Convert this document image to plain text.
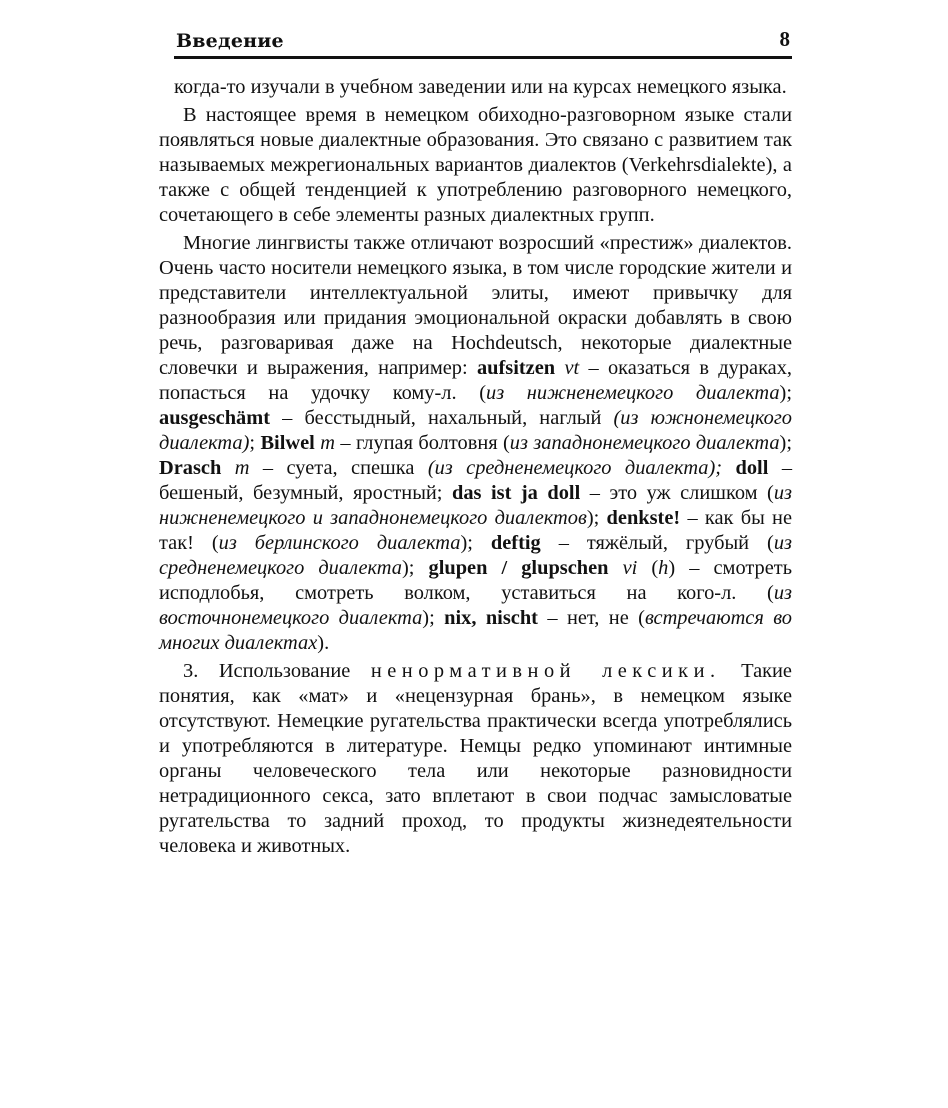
Введение	8

когда-то изучали в учебном заведении или на курсах немецкого языка.

В настоящее время в немецком обиходно-разговорном языке стали появляться новые диалектные образования. Это связано с развитием так называемых межрегиональных вариантов диалектов (Verkehrsdialekte), а также с общей тенденцией к употреблению разговорного немецкого, сочетающего в себе элементы разных диалектных групп.

Многие лингвисты также отличают возросший «престиж» диалектов. Очень часто носители немецкого языка, в том числе городские жители и представители интеллектуальной элиты, имеют привычку для разнообразия или придания эмоциональной окраски добавлять в свою речь, разговаривая даже на Hochdeutsch, некоторые диалектные словечки и выражения, например: aufsitzen vt – оказаться в дураках, попасться на удочку кому-л. (из нижненемецкого диалекта); ausgeschämt – бесстыдный, нахальный, наглый (из южнонемецкого диалекта); Bilwel m – глупая болтовня (из западнонемецкого диалекта); Drasch m – суета, спешка (из средненемецкого диалекта); doll – бешеный, безумный, яростный; das ist ja doll – это уж слишком (из нижненемецкого и западнонемецкого диалектов); denkste! – как бы не так! (из берлинского диалекта); deftig – тяжёлый, грубый (из средненемецкого диалекта); glupen / glupschen vi (h) – смотреть исподлобья, смотреть волком, уставиться на кого-л. (из восточнонемецкого диалекта); nix, nischt – нет, не (встречаются во многих диалектах).

3. Использование ненормативной лексики. Такие понятия, как «мат» и «нецензурная брань», в немецком языке отсутствуют. Немецкие ругательства практически всегда употреблялись и употребляются в литературе. Немцы редко упоминают интимные органы человеческого тела или некоторые разновидности нетрадиционного секса, зато вплетают в свои подчас замысловатые ругательства то задний проход, то продукты жизнедеятельности человека и животных.
